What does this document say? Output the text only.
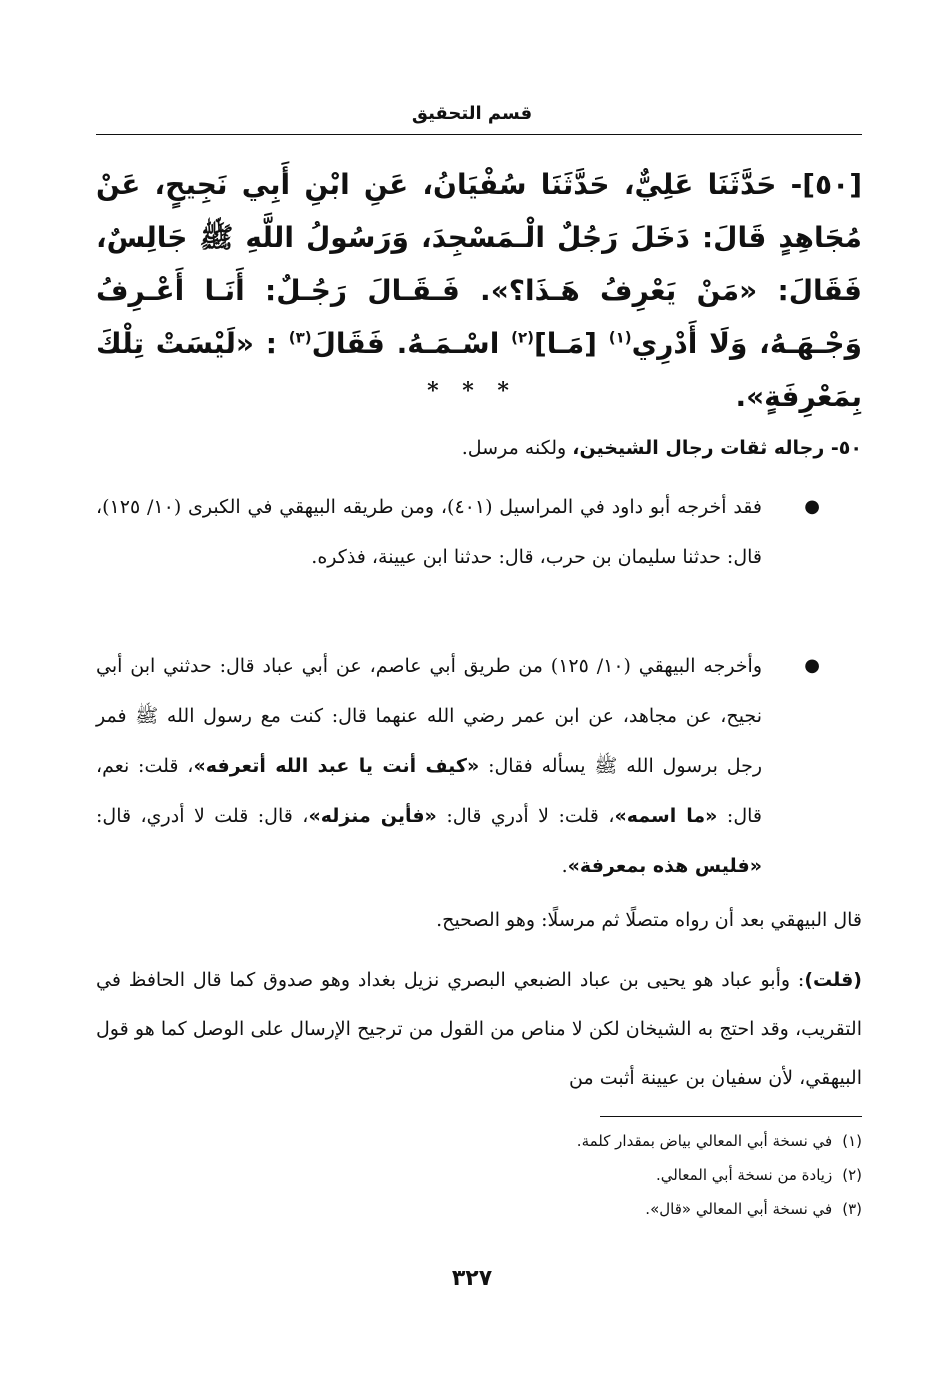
قسم التحقيق
[٥٠]- حَدَّثَنَا عَلِيٌّ، حَدَّثَنَا سُفْيَانُ، عَنِ ابْنِ أَبِي نَجِيحٍ، عَنْ مُجَاهِدٍ قَالَ: دَخَلَ رَجُلٌ الْـمَسْجِدَ، وَرَسُولُ اللَّهِ ﷺ جَالِسٌ، فَقَالَ: «مَنْ يَعْرِفُ هَـذَا؟». فَـقَـالَ رَجُـلٌ: أَنَـا أَعْـرِفُ وَجْـهَـهُ، وَلَا أَدْرِي$^{(١)}$ [مَـا]$^{(٢)}$ اسْـمَـهُ. فَقَالَ$^{(٣)}$ : «لَيْسَتْ تِلْكَ بِمَعْرِفَةٍ».
* * *
٥٠- رجاله ثقات رجال الشيخين، ولكنه مرسل.
●
فقد أخرجه أبو داود في المراسيل (٤٠١)، ومن طريقه البيهقي في الكبرى (١٠/ ١٢٥)، قال: حدثنا سليمان بن حرب، قال: حدثنا ابن عيينة، فذكره.
●
وأخرجه البيهقي (١٠/ ١٢٥) من طريق أبي عاصم، عن أبي عباد قال: حدثني ابن أبي نجيح، عن مجاهد، عن ابن عمر رضي الله عنهما قال: كنت مع رسول الله ﷺ فمر رجل برسول الله ﷺ يسأله فقال: «كيف أنت يا عبد الله أتعرفه»، قلت: نعم، قال: «ما اسمه»، قلت: لا أدري قال: «فأين منزله»، قال: قلت لا أدري، قال: «فليس هذه بمعرفة».
قال البيهقي بعد أن رواه متصلًا ثم مرسلًا: وهو الصحيح.
(قلت): وأبو عباد هو يحيى بن عباد الضبعي البصري نزيل بغداد وهو صدوق كما قال الحافظ في التقريب، وقد احتج به الشيخان لكن لا مناص من القول من ترجيح الإرسال على الوصل كما هو قول البيهقي، لأن سفيان بن عيينة أثبت من
(١)في نسخة أبي المعالي بياض بمقدار كلمة.
(٢)زيادة من نسخة أبي المعالي.
(٣)في نسخة أبي المعالي «قال».
٣٢٧
